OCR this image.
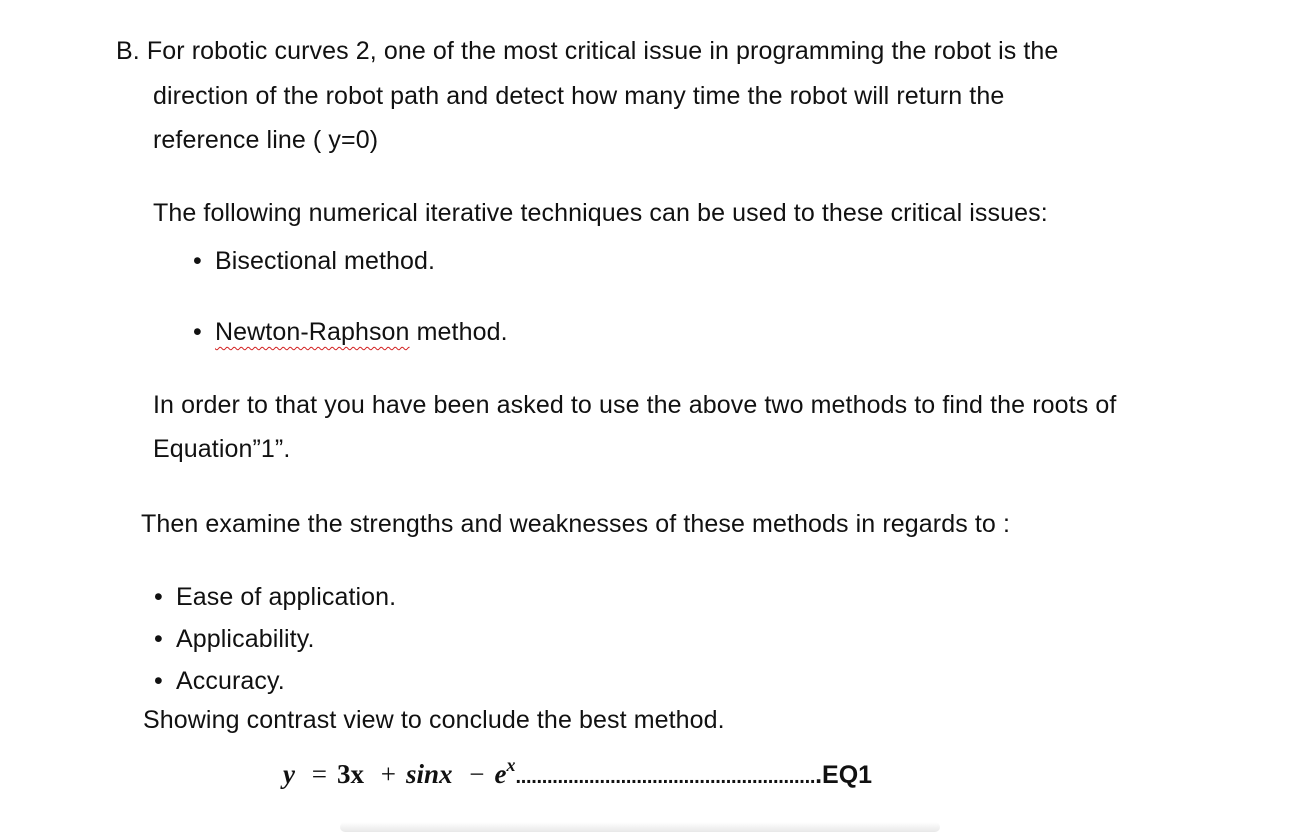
B. For robotic curves 2, one of the most critical issue in programming the robot is the
direction of the robot path and detect how many time the robot will return the
reference line ( y=0)
The following numerical iterative techniques can be used to these critical issues:
• Bisectional method.
• Newton-Raphson method.
In order to that you have been asked to use the above two methods to find the roots of
Equation”1”.
Then examine the strengths and weaknesses of these methods in regards to :
• Ease of application.
• Applicability.
• Accuracy.
Showing contrast view to conclude the best method.
$y = 3x + \sin x - e^x..........................................................EQ1$
